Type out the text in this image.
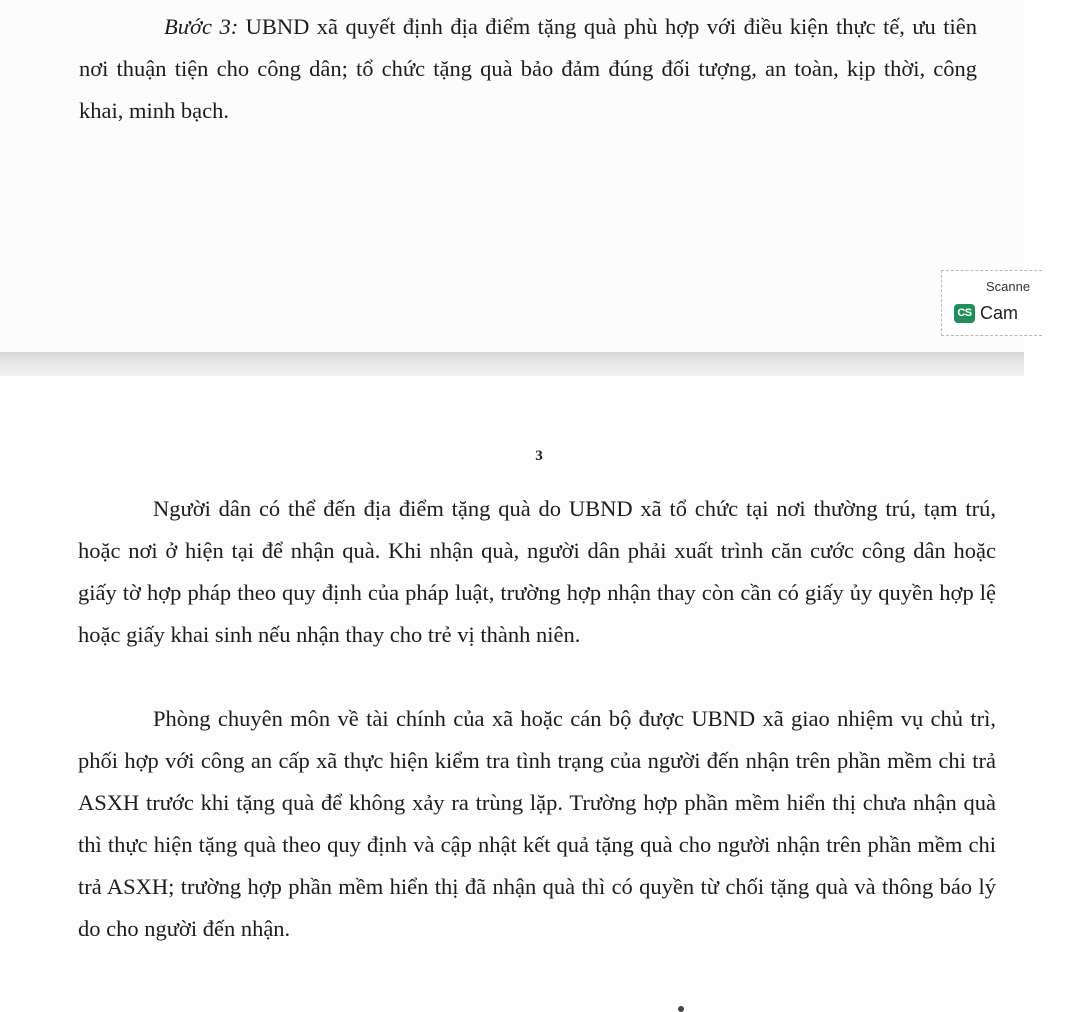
Bước 3: UBND xã quyết định địa điểm tặng quà phù hợp với điều kiện thực tế, ưu tiên nơi thuận tiện cho công dân; tổ chức tặng quà bảo đảm đúng đối tượng, an toàn, kịp thời, công khai, minh bạch.

Scanne
CS Cam
3

Người dân có thể đến địa điểm tặng quà do UBND xã tổ chức tại nơi thường trú, tạm trú, hoặc nơi ở hiện tại để nhận quà. Khi nhận quà, người dân phải xuất trình căn cước công dân hoặc giấy tờ hợp pháp theo quy định của pháp luật, trường hợp nhận thay còn cần có giấy ủy quyền hợp lệ hoặc giấy khai sinh nếu nhận thay cho trẻ vị thành niên.

Phòng chuyên môn về tài chính của xã hoặc cán bộ được UBND xã giao nhiệm vụ chủ trì, phối hợp với công an cấp xã thực hiện kiểm tra tình trạng của người đến nhận trên phần mềm chi trả ASXH trước khi tặng quà để không xảy ra trùng lặp. Trường hợp phần mềm hiển thị chưa nhận quà thì thực hiện tặng quà theo quy định và cập nhật kết quả tặng quà cho người nhận trên phần mềm chi trả ASXH; trường hợp phần mềm hiển thị đã nhận quà thì có quyền từ chối tặng quà và thông báo lý do cho người đến nhận.
